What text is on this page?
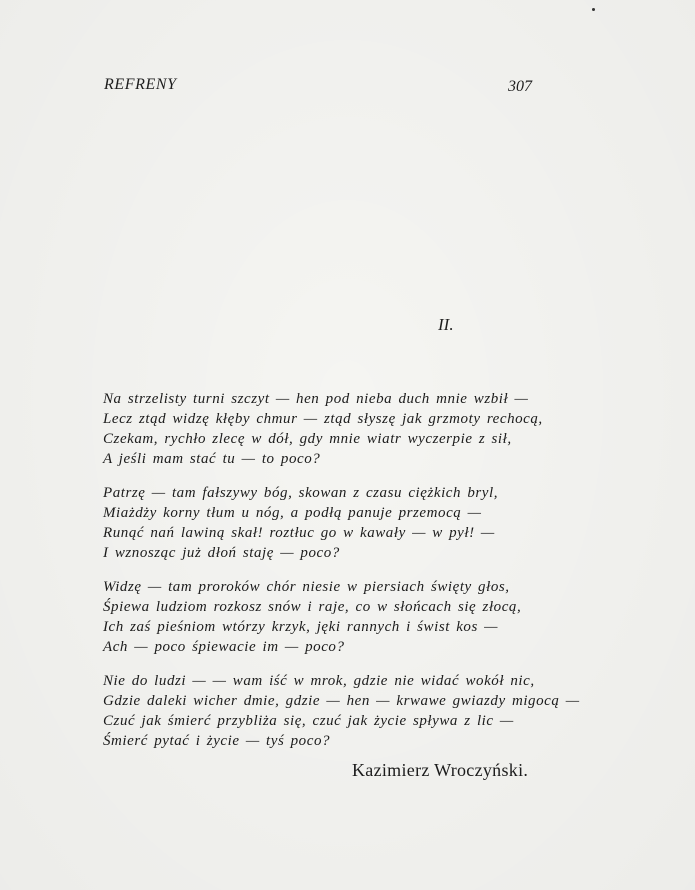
REFRENY	307
II.
Na strzelisty turni szczyt — hen pod nieba duch mnie wzbił —
Lecz ztąd widzę kłęby chmur — ztąd słyszę jak grzmoty rechocą,
Czekam, rychło zlecę w dół, gdy mnie wiatr wyczerpie z sił,
A jeśli mam stać tu — to poco?
Patrzę — tam fałszywy bóg, skowan z czasu ciężkich bryl,
Miażdży korny tłum u nóg, a podłą panuje przemocą —
Runąć nań lawiną skał! roztłuc go w kawały — w pył! —
I wznosząc już dłoń staję — poco?
Widzę — tam proroków chór niesie w piersiach święty głos,
Śpiewa ludziom rozkosz snów i raje, co w słońcach się złocą,
Ich zaś pieśniom wtórzy krzyk, jęki rannych i świst kos —
Ach — poco śpiewacie im — poco?
Nie do ludzi — — wam iść w mrok, gdzie nie widać wokół nic,
Gdzie daleki wicher dmie, gdzie — hen — krwawe gwiazdy migocą —
Czuć jak śmierć przybliża się, czuć jak życie spływa z lic —
Śmierć pytać i życie — tyś poco?
Kazimierz Wroczyński.
